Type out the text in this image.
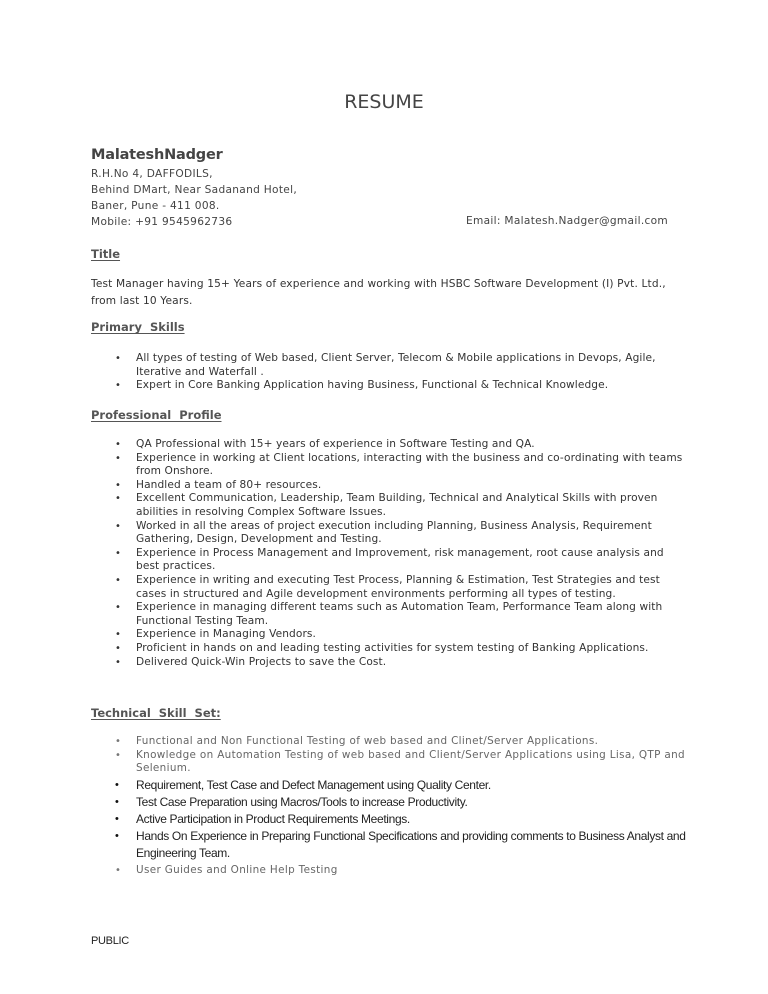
RESUME
MalateshNadger
R.H.No 4, DAFFODILS,
Behind DMart, Near Sadanand Hotel,
Baner, Pune - 411 008.
Mobile: +91 9545962736	Email: Malatesh.Nadger@gmail.com
Title
Test Manager having 15+ Years of experience and working with HSBC Software Development (I) Pvt. Ltd., from last 10 Years.
Primary  Skills
• All types of testing of Web based, Client Server, Telecom & Mobile applications in Devops, Agile, Iterative and Waterfall .
• Expert in Core Banking Application having Business, Functional & Technical Knowledge.
Professional  Profile
• QA Professional with 15+ years of experience in Software Testing and QA.
• Experience in working at Client locations, interacting with the business and co-ordinating with teams from Onshore.
• Handled a team of 80+ resources.
• Excellent Communication, Leadership, Team Building, Technical and Analytical Skills with proven abilities in resolving Complex Software Issues.
• Worked in all the areas of project execution including Planning, Business Analysis, Requirement Gathering, Design, Development and Testing.
• Experience in Process Management and Improvement, risk management, root cause analysis and best practices.
• Experience in writing and executing Test Process, Planning & Estimation, Test Strategies and test cases in structured and Agile development environments performing all types of testing.
• Experience in managing different teams such as Automation Team, Performance Team along with Functional Testing Team.
• Experience in Managing Vendors.
• Proficient in hands on and leading testing activities for system testing of Banking Applications.
• Delivered Quick-Win Projects to save the Cost.
Technical  Skill  Set:
• Functional and Non Functional Testing of web based and Clinet/Server Applications.
• Knowledge on Automation Testing of web based and Client/Server Applications using Lisa, QTP and Selenium.
• Requirement, Test Case and Defect Management using Quality Center.
• Test Case Preparation using Macros/Tools to increase Productivity.
• Active Participation in Product Requirements Meetings.
• Hands On Experience in Preparing Functional Specifications and providing comments to Business Analyst and Engineering Team.
• User Guides and Online Help Testing
PUBLIC
